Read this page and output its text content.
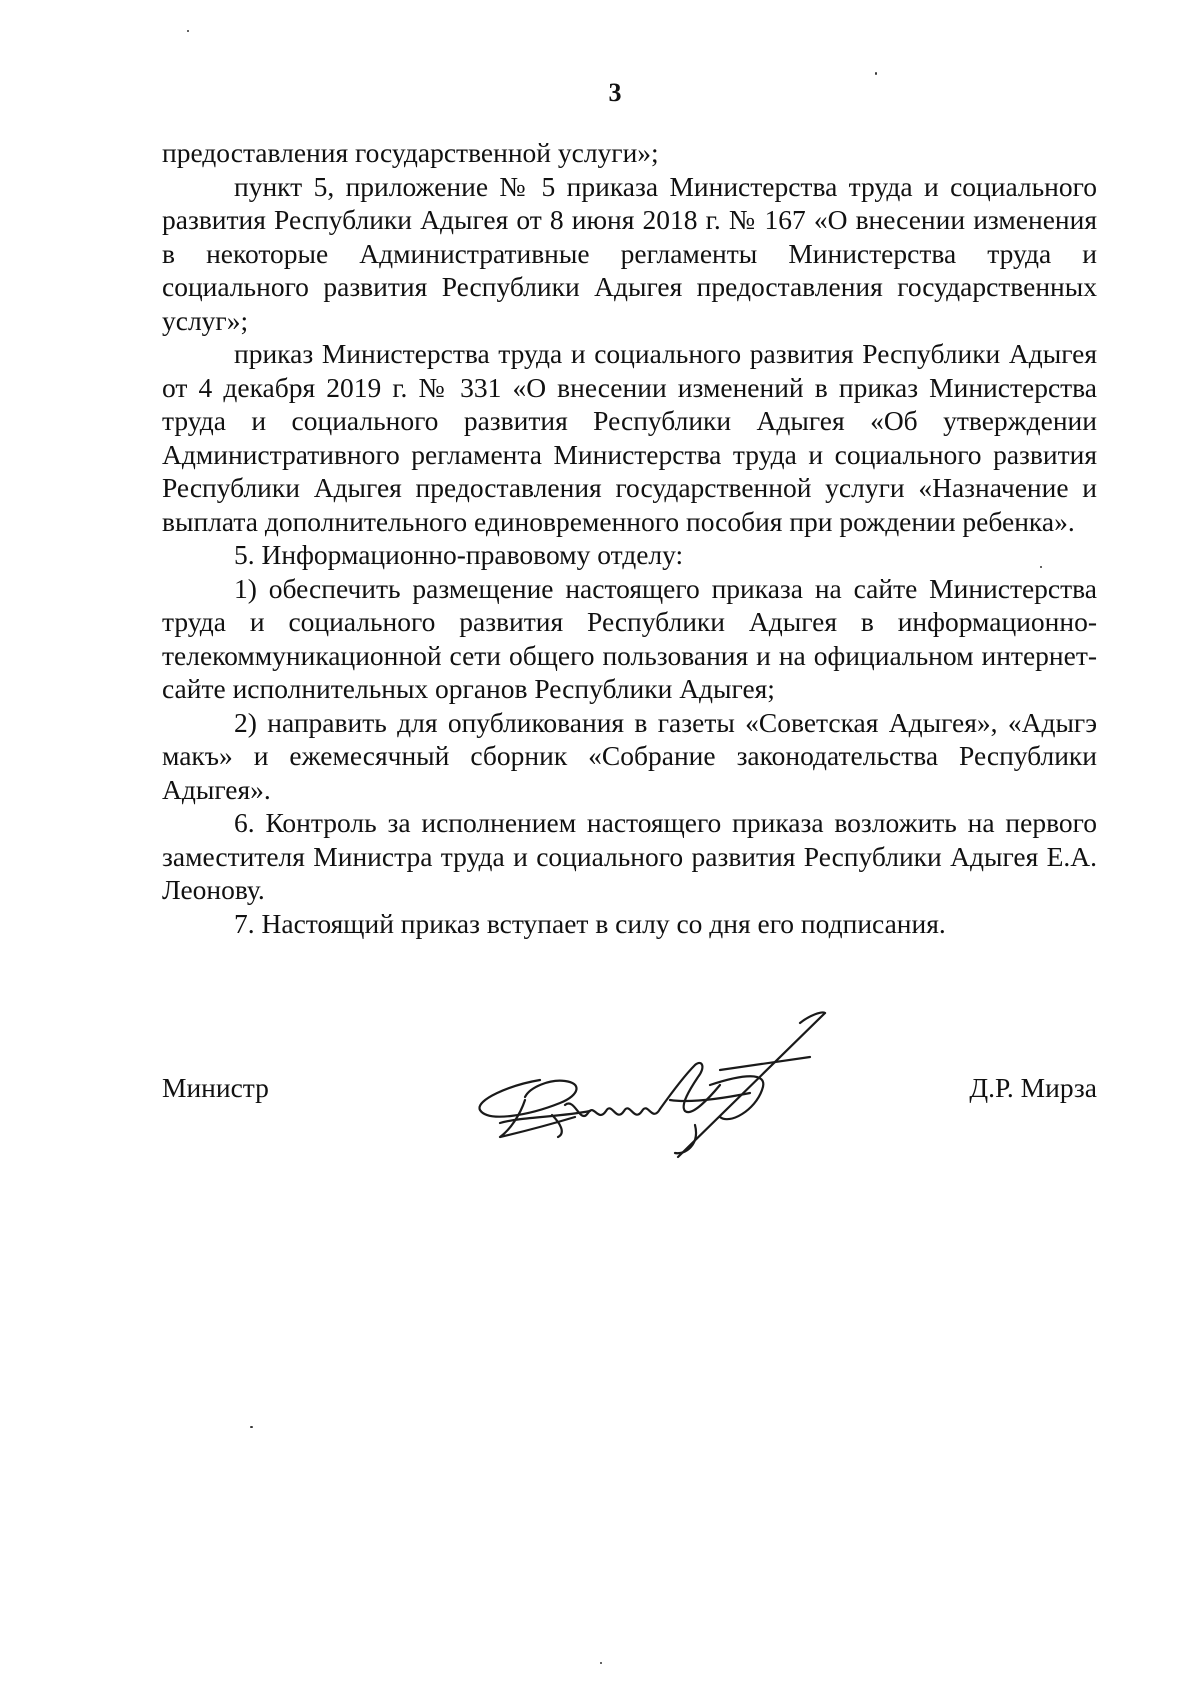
3

предоставления государственной услуги»;

пункт 5, приложение № 5 приказа Министерства труда и социального развития Республики Адыгея от 8 июня 2018 г. № 167 «О внесении изменения в некоторые Административные регламенты Министерства труда и социального развития Республики Адыгея предоставления государственных услуг»;

приказ Министерства труда и социального развития Республики Адыгея от 4 декабря 2019 г. № 331 «О внесении изменений в приказ Министерства труда и социального развития Республики Адыгея «Об утверждении Административного регламента Министерства труда и социального развития Республики Адыгея предоставления государственной услуги «Назначение и выплата дополнительного единовременного пособия при рождении ребенка».

5. Информационно-правовому отделу:

1) обеспечить размещение настоящего приказа на сайте Министерства труда и социального развития Республики Адыгея в информационно-телекоммуникационной сети общего пользования и на официальном интернет-сайте исполнительных органов Республики Адыгея;

2) направить для опубликования в газеты «Советская Адыгея», «Адыгэ макъ» и ежемесячный сборник «Собрание законодательства Республики Адыгея».

6. Контроль за исполнением настоящего приказа возложить на первого заместителя Министра труда и социального развития Республики Адыгея Е.А. Леонову.

7. Настоящий приказ вступает в силу со дня его подписания.

Министр	Д.Р. Мирза
